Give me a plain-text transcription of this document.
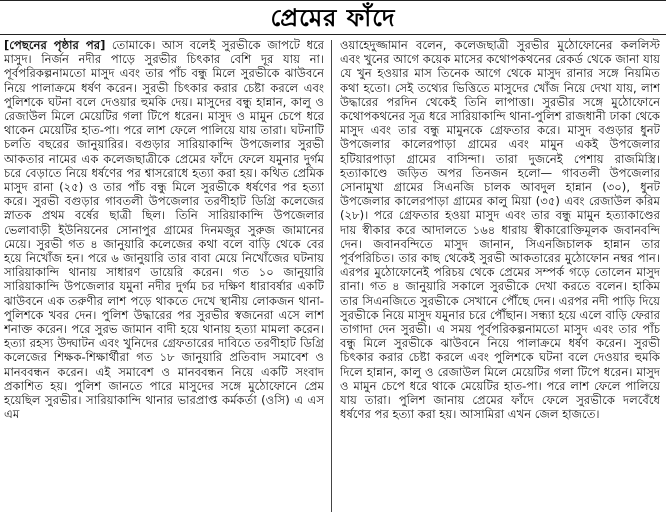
প্রেমের ফাঁদে

[পেছনের পৃষ্ঠার পর] তোমাকে। আস বলেই সুরভীকে জাপটে ধরে মাসুদ। নির্জন নদীর পাড়ে সুরভীর চিৎকার বেশি দূর যায় না। পূর্বপরিকল্পনামতো মাসুদ এবং তার পাঁচ বন্ধু মিলে সুরভীকে ঝাউবনে নিয়ে পালাক্রমে ধর্ষণ করেন। সুরভী চিৎকার করার চেষ্টা করলে এবং পুলিশকে ঘটনা বলে দেওয়ার হুমকি দেয়। মাসুদের বন্ধু হান্নান, কালু ও রেজাউল মিলে মেয়েটির গলা টিপে ধরেন। মাসুদ ও মামুন চেপে ধরে থাকেন মেয়েটির হাত-পা। পরে লাশ ফেলে পালিয়ে যায় তারা। ঘটনাটি চলতি বছরের জানুয়ারির। বগুড়ার সারিয়াকান্দি উপজেলার সুরভী আকতার নামের এক কলেজছাত্রীকে প্রেমের ফাঁদে ফেলে যমুনার দুর্গম চরে বেড়াতে নিয়ে ধর্ষণের পর শ্বাসরোধে হত্যা করা হয়। কথিত প্রেমিক মাসুদ রানা (২৫) ও তার পাঁচ বন্ধু মিলে সুরভীকে ধর্ষণের পর হত্যা করে। সুরভী বগুড়ার গাবতলী উপজেলার তরণীহাট ডিগ্রি কলেজের স্নাতক প্রথম বর্ষের ছাত্রী ছিল। তিনি সারিয়াকান্দি উপজেলার ভেলাবাড়ী ইউনিয়নের সোনাপুর গ্রামের দিনমজুর সুরুজ জামানের মেয়ে। সুরভী গত ৪ জানুয়ারি কলেজের কথা বলে বাড়ি থেকে বের হয়ে নিখোঁজ হন। পরে ৬ জানুয়ারি তার বাবা মেয়ে নিখোঁজের ঘটনায় সারিয়াকান্দি থানায় সাধারণ ডায়েরি করেন। গত ১০ জানুয়ারি সারিয়াকান্দি উপজেলার যমুনা নদীর দুর্গম চর দক্ষিণ ধারাবর্ষার একটি ঝাউবনে এক তরুণীর লাশ পড়ে থাকতে দেখে স্থানীয় লোকজন থানা-পুলিশকে খবর দেন। পুলিশ উদ্ধারের পর সুরভীর স্বজনেরা এসে লাশ শনাক্ত করেন। পরে সুরভ জামান বাদী হয়ে থানায় হত্যা মামলা করেন। হত্যা রহস্য উদ্ঘাটন এবং খুনিদের গ্রেফতারের দাবিতে তরণীহাট ডিগ্রি কলেজের শিক্ষক-শিক্ষার্থীরা গত ১৮ জানুয়ারি প্রতিবাদ সমাবেশ ও মানববন্ধন করেন। এই সমাবেশ ও মানববন্ধন নিয়ে একটি সংবাদ প্রকাশিত হয়। পুলিশ জানতে পারে মাসুদের সঙ্গে মুঠোফোনে প্রেম হয়েছিল সুরভীর। সারিয়াকান্দি থানার ভারপ্রাপ্ত কর্মকর্তা (ওসি) এ এস এম

ওয়াহেদুজ্জামান বলেন, কলেজছাত্রী সুরভীর মুঠোফোনের কললিস্ট এবং খুনের আগে কয়েক মাসের কথোপকথনের রেকর্ড থেকে জানা যায় যে খুন হওয়ার মাস তিনেক আগে থেকে মাসুদ রানার সঙ্গে নিয়মিত কথা হতো। সেই তথ্যের ভিত্তিতে মাসুদের খোঁজ নিয়ে দেখা যায়, লাশ উদ্ধারের পরদিন থেকেই তিনি লাপাত্তা। সুরভীর সঙ্গে মুঠোফোনে কথোপকথনের সূত্র ধরে সারিয়াকান্দি থানা-পুলিশ রাজধানী ঢাকা থেকে মাসুদ এবং তার বন্ধু মামুনকে গ্রেফতার করে। মাসুদ বগুড়ার ধুনট উপজেলার কালেরপাড়া গ্রামের এবং মামুন একই উপজেলার হটিয়ারপাড়া গ্রামের বাসিন্দা। তারা দুজনেই পেশায় রাজমিস্ত্রি। হত্যাকাণ্ডে জড়িত অপর তিনজন হলো— গাবতলী উপজেলার সোনামুখা গ্রামের সিএনজি চালক আবদুল হান্নান (৩০), ধুনট উপজেলার কালেরপাড়া গ্রামের কালু মিয়া (৩৫) এবং রেজাউল করিম (২৮)। পরে গ্রেফতার হওয়া মাসুদ এবং তার বন্ধু মামুন হত্যাকাণ্ডের দায় স্বীকার করে আদালতে ১৬৪ ধারায় স্বীকারোক্তিমূলক জবানবন্দি দেন। জবানবন্দিতে মাসুদ জানান, সিএনজিচালক হান্নান তার পূর্বপরিচিত। তার কাছ থেকেই সুরভী আকতারের মুঠোফোন নম্বর পান। এরপর মুঠোফোনেই পরিচয় থেকে প্রেমের সম্পর্ক গড়ে তোলেন মাসুদ রানা। গত ৪ জানুয়ারি সকালে সুরভীকে দেখা করতে বলেন। হাকিম তার সিএনজিতে সুরভীকে সেখানে পৌঁছে দেন। এরপর নদী পাড়ি দিয়ে সুরভীকে নিয়ে মাসুদ যমুনার চরে পৌঁছান। সন্ধ্যা হয়ে এলে বাড়ি ফেরার তাগাদা দেন সুরভী। এ সময় পূর্বপরিকল্পনামতো মাসুদ এবং তার পাঁচ বন্ধু মিলে সুরভীকে ঝাউবনে নিয়ে পালাক্রমে ধর্ষণ করেন। সুরভী চিৎকার করার চেষ্টা করলে এবং পুলিশকে ঘটনা বলে দেওয়ার হুমকি দিলে হান্নান, কালু ও রেজাউল মিলে মেয়েটির গলা টিপে ধরেন। মাসুদ ও মামুন চেপে ধরে থাকে মেয়েটির হাত-পা। পরে লাশ ফেলে পালিয়ে যায় তারা। পুলিশ জানায় প্রেমের ফাঁদে ফেলে সুরভীকে দলবেঁধে ধর্ষণের পর হত্যা করা হয়। আসামিরা এখন জেল হাজতে।
